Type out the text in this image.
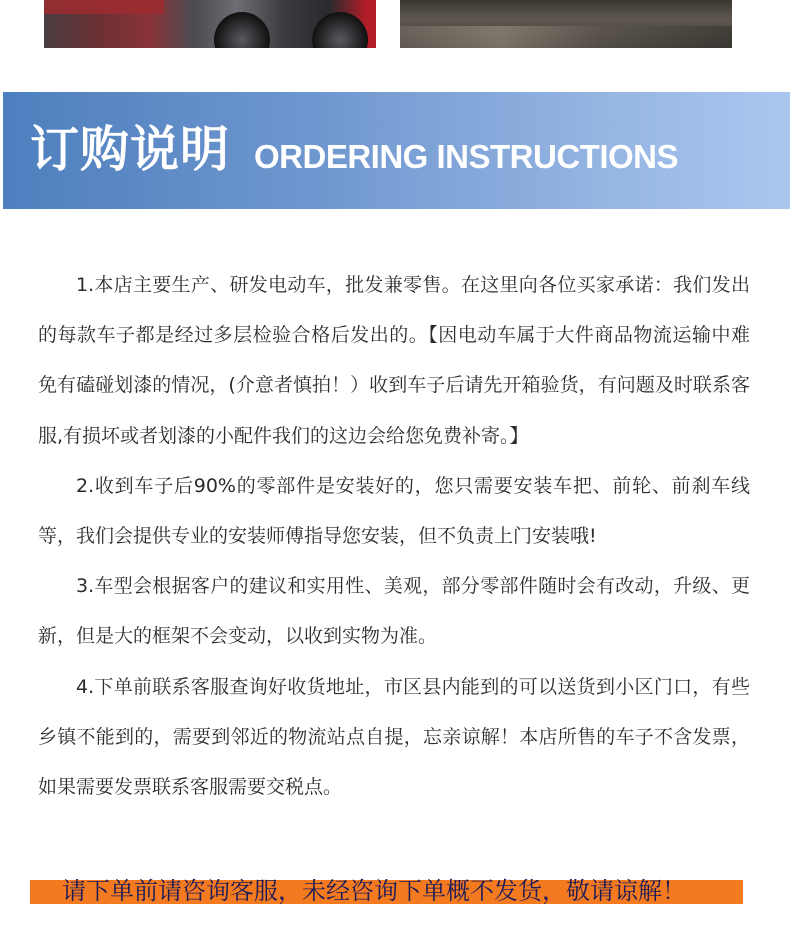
订购说明 ORDERING INSTRUCTIONS

1.本店主要生产、研发电动车，批发兼零售。在这里向各位买家承诺：我们发出的每款车子都是经过多层检验合格后发出的。【因电动车属于大件商品物流运输中难免有磕碰划漆的情况，(介意者慎拍！）收到车子后请先开箱验货，有问题及时联系客服,有损坏或者划漆的小配件我们的这边会给您免费补寄。】

2.收到车子后90%的零部件是安装好的，您只需要安装车把、前轮、前刹车线等，我们会提供专业的安装师傅指导您安装，但不负责上门安装哦!

3.车型会根据客户的建议和实用性、美观，部分零部件随时会有改动，升级、更新，但是大的框架不会变动，以收到实物为准。

4.下单前联系客服查询好收货地址，市区县内能到的可以送货到小区门口，有些乡镇不能到的，需要到邻近的物流站点自提，忘亲谅解！本店所售的车子不含发票，如果需要发票联系客服需要交税点。

请下单前请咨询客服，未经咨询下单概不发货，敬请谅解！
